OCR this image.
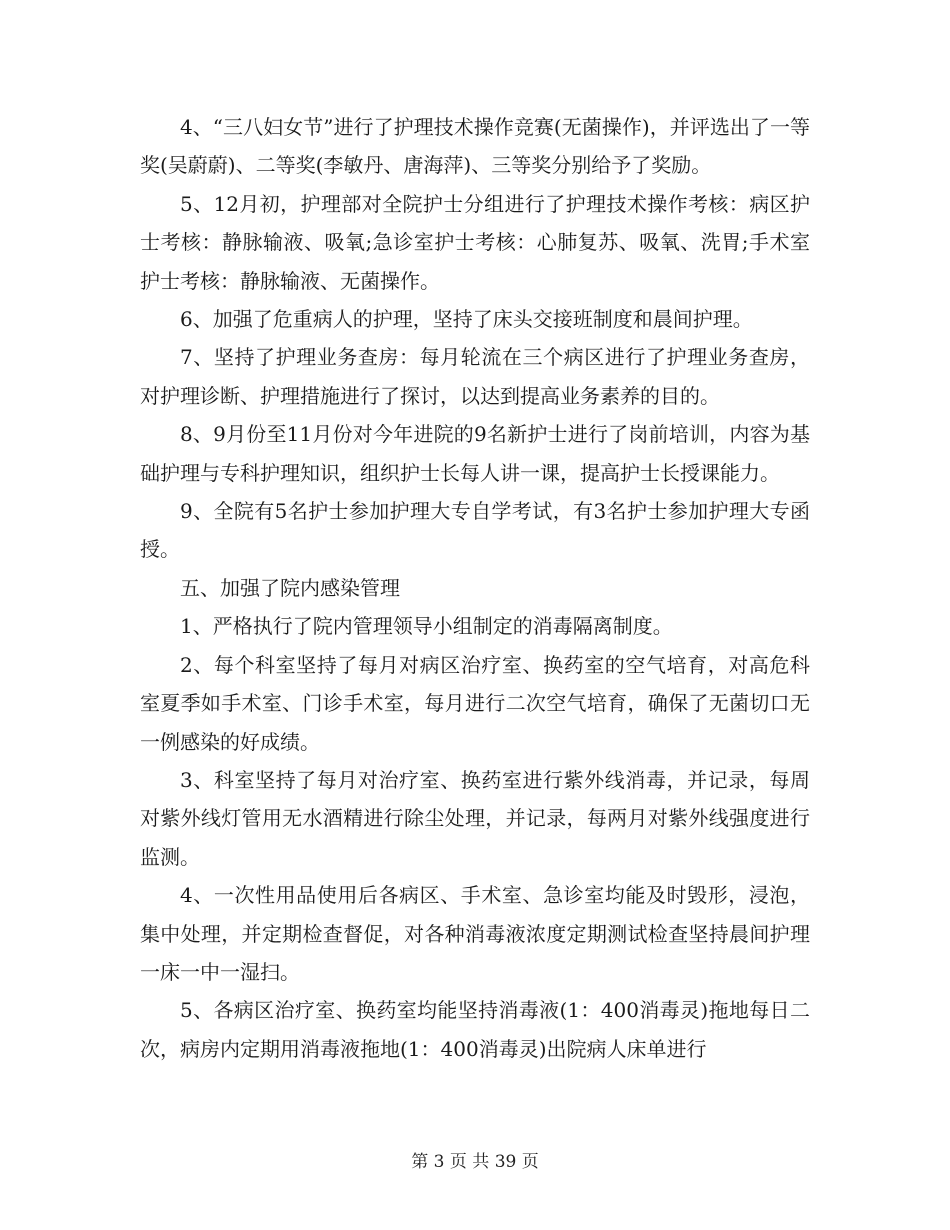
4、“三八妇女节”进行了护理技术操作竞赛(无菌操作)，并评选出了一等奖(吴蔚蔚)、二等奖(李敏丹、唐海萍)、三等奖分别给予了奖励。

5、12月初，护理部对全院护士分组进行了护理技术操作考核：病区护士考核：静脉输液、吸氧;急诊室护士考核：心肺复苏、吸氧、洗胃;手术室护士考核：静脉输液、无菌操作。

6、加强了危重病人的护理，坚持了床头交接班制度和晨间护理。

7、坚持了护理业务查房：每月轮流在三个病区进行了护理业务查房，对护理诊断、护理措施进行了探讨，以达到提高业务素养的目的。

8、9月份至11月份对今年进院的9名新护士进行了岗前培训，内容为基础护理与专科护理知识，组织护士长每人讲一课，提高护士长授课能力。

9、全院有5名护士参加护理大专自学考试，有3名护士参加护理大专函授。

五、加强了院内感染管理

1、严格执行了院内管理领导小组制定的消毒隔离制度。

2、每个科室坚持了每月对病区治疗室、换药室的空气培育，对高危科室夏季如手术室、门诊手术室，每月进行二次空气培育，确保了无菌切口无一例感染的好成绩。

3、科室坚持了每月对治疗室、换药室进行紫外线消毒，并记录，每周对紫外线灯管用无水酒精进行除尘处理，并记录，每两月对紫外线强度进行监测。

4、一次性用品使用后各病区、手术室、急诊室均能及时毁形，浸泡，集中处理，并定期检查督促，对各种消毒液浓度定期测试检查坚持晨间护理一床一中一湿扫。

5、各病区治疗室、换药室均能坚持消毒液(1：400消毒灵)拖地每日二次，病房内定期用消毒液拖地(1：400消毒灵)出院病人床单进行

第 3 页 共 39 页
